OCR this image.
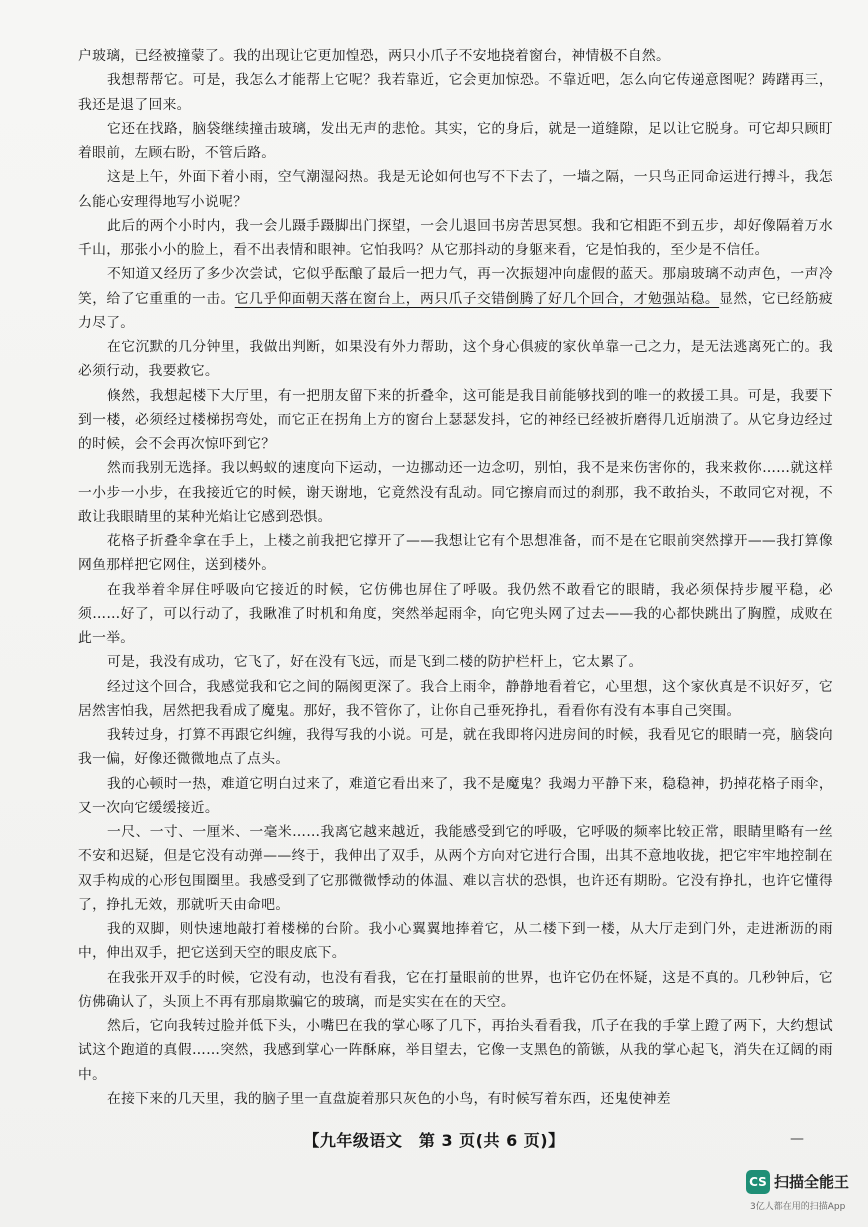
户玻璃，已经被撞蒙了。我的出现让它更加惶恐，两只小爪子不安地挠着窗台，神情极不自然。

我想帮帮它。可是，我怎么才能帮上它呢？我若靠近，它会更加惊恐。不靠近吧，怎么向它传递意图呢？踌躇再三，我还是退了回来。

它还在找路，脑袋继续撞击玻璃，发出无声的悲怆。其实，它的身后，就是一道缝隙，足以让它脱身。可它却只顾盯着眼前，左顾右盼，不管后路。

这是上午，外面下着小雨，空气潮湿闷热。我是无论如何也写不下去了，一墙之隔，一只鸟正同命运进行搏斗，我怎么能心安理得地写小说呢？

此后的两个小时内，我一会儿蹑手蹑脚出门探望，一会儿退回书房苦思冥想。我和它相距不到五步，却好像隔着万水千山，那张小小的脸上，看不出表情和眼神。它怕我吗？从它那抖动的身躯来看，它是怕我的，至少是不信任。

不知道又经历了多少次尝试，它似乎酝酿了最后一把力气，再一次振翅冲向虚假的蓝天。那扇玻璃不动声色，一声冷笑，给了它重重的一击。它几乎仰面朝天落在窗台上，两只爪子交错倒腾了好几个回合，才勉强站稳。显然，它已经筋疲力尽了。

在它沉默的几分钟里，我做出判断，如果没有外力帮助，这个身心俱疲的家伙单靠一己之力，是无法逃离死亡的。我必须行动，我要救它。

倏然，我想起楼下大厅里，有一把朋友留下来的折叠伞，这可能是我目前能够找到的唯一的救援工具。可是，我要下到一楼，必须经过楼梯拐弯处，而它正在拐角上方的窗台上瑟瑟发抖，它的神经已经被折磨得几近崩溃了。从它身边经过的时候，会不会再次惊吓到它？

然而我别无选择。我以蚂蚁的速度向下运动，一边挪动还一边念叨，别怕，我不是来伤害你的，我来救你……就这样一小步一小步，在我接近它的时候，谢天谢地，它竟然没有乱动。同它擦肩而过的刹那，我不敢抬头，不敢同它对视，不敢让我眼睛里的某种光焰让它感到恐惧。

花格子折叠伞拿在手上，上楼之前我把它撑开了——我想让它有个思想准备，而不是在它眼前突然撑开——我打算像网鱼那样把它网住，送到楼外。

在我举着伞屏住呼吸向它接近的时候，它仿佛也屏住了呼吸。我仍然不敢看它的眼睛，我必须保持步履平稳，必须……好了，可以行动了，我瞅准了时机和角度，突然举起雨伞，向它兜头网了过去——我的心都快跳出了胸膛，成败在此一举。

可是，我没有成功，它飞了，好在没有飞远，而是飞到二楼的防护栏杆上，它太累了。

经过这个回合，我感觉我和它之间的隔阂更深了。我合上雨伞，静静地看着它，心里想，这个家伙真是不识好歹，它居然害怕我，居然把我看成了魔鬼。那好，我不管你了，让你自己垂死挣扎，看看你有没有本事自己突围。

我转过身，打算不再跟它纠缠，我得写我的小说。可是，就在我即将闪进房间的时候，我看见它的眼睛一亮，脑袋向我一偏，好像还微微地点了点头。

我的心顿时一热，难道它明白过来了，难道它看出来了，我不是魔鬼？我竭力平静下来，稳稳神，扔掉花格子雨伞，又一次向它缓缓接近。

一尺、一寸、一厘米、一毫米……我离它越来越近，我能感受到它的呼吸，它呼吸的频率比较正常，眼睛里略有一丝不安和迟疑，但是它没有动弹——终于，我伸出了双手，从两个方向对它进行合围，出其不意地收拢，把它牢牢地控制在双手构成的心形包围圈里。我感受到了它那微微悸动的体温、难以言状的恐惧，也许还有期盼。它没有挣扎，也许它懂得了，挣扎无效，那就听天由命吧。

我的双脚，则快速地敲打着楼梯的台阶。我小心翼翼地捧着它，从二楼下到一楼，从大厅走到门外，走进淅沥的雨中，伸出双手，把它送到天空的眼皮底下。

在我张开双手的时候，它没有动，也没有看我，它在打量眼前的世界，也许它仍在怀疑，这是不真的。几秒钟后，它仿佛确认了，头顶上不再有那扇欺骗它的玻璃，而是实实在在的天空。

然后，它向我转过脸并低下头，小嘴巴在我的掌心啄了几下，再抬头看看我，爪子在我的手掌上蹬了两下，大约想试试这个跑道的真假……突然，我感到掌心一阵酥麻，举目望去，它像一支黑色的箭镞，从我的掌心起飞，消失在辽阔的雨中。

在接下来的几天里，我的脑子里一直盘旋着那只灰色的小鸟，有时候写着东西，还鬼使神差

【九年级语文　第 3 页(共 6 页)】	—
CS 扫描全能王
3亿人都在用的扫描App
